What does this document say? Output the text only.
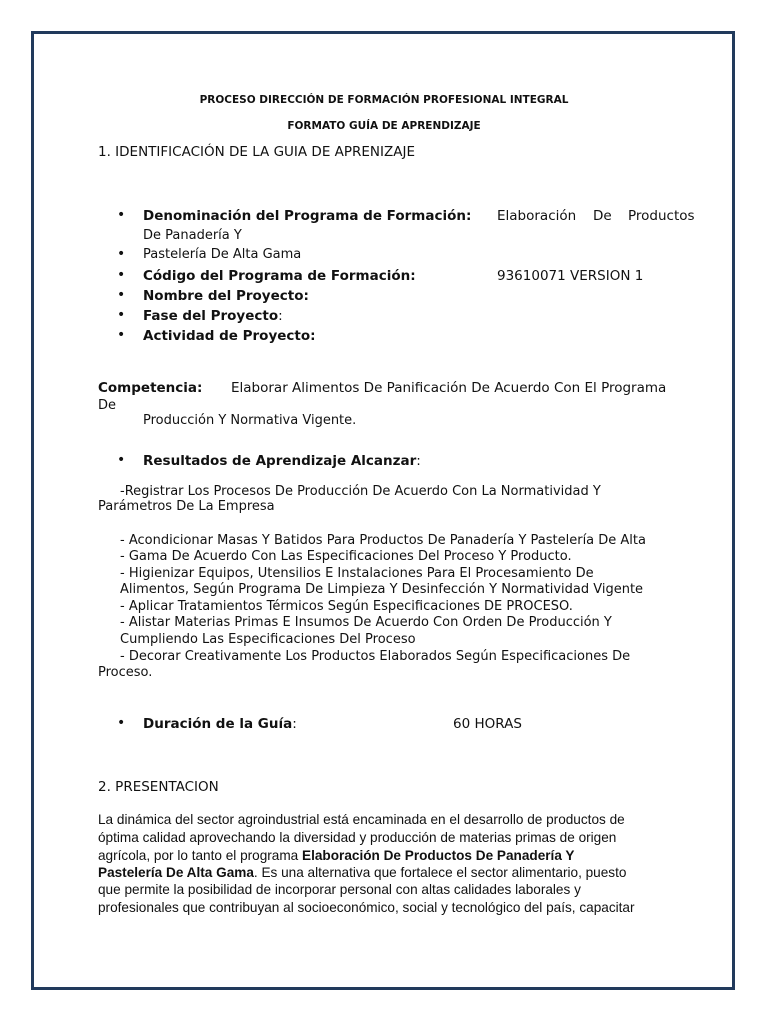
PROCESO DIRECCIÓN DE FORMACIÓN PROFESIONAL INTEGRAL
FORMATO GUÍA DE APRENDIZAJE
1. IDENTIFICACIÓN DE LA GUIA DE APRENIZAJE
• Denominación del Programa de Formación: Elaboración De Productos
De Panadería Y
• Pastelería De Alta Gama
• Código del Programa de Formación:	93610071 VERSION 1
• Nombre del Proyecto:
• Fase del Proyecto:
• Actividad de Proyecto:
Competencia: Elaborar Alimentos De Panificación De Acuerdo Con El Programa
De
Producción Y Normativa Vigente.
• Resultados de Aprendizaje Alcanzar:
-Registrar Los Procesos De Producción De Acuerdo Con La Normatividad Y
Parámetros De La Empresa
- Acondicionar Masas Y Batidos Para Productos De Panadería Y Pastelería De Alta
- Gama De Acuerdo Con Las Especificaciones Del Proceso Y Producto.
- Higienizar Equipos, Utensilios E Instalaciones Para El Procesamiento De
Alimentos, Según Programa De Limpieza Y Desinfección Y Normatividad Vigente
- Aplicar Tratamientos Térmicos Según Especificaciones DE PROCESO.
- Alistar Materias Primas E Insumos De Acuerdo Con Orden De Producción Y
Cumpliendo Las Especificaciones Del Proceso
- Decorar Creativamente Los Productos Elaborados Según Especificaciones De
Proceso.
• Duración de la Guía:	60 HORAS
2. PRESENTACION
La dinámica del sector agroindustrial está encaminada en el desarrollo de productos de
óptima calidad aprovechando la diversidad y producción de materias primas de origen
agrícola, por lo tanto el programa Elaboración De Productos De Panadería Y
Pastelería De Alta Gama. Es una alternativa que fortalece el sector alimentario, puesto
que permite la posibilidad de incorporar personal con altas calidades laborales y
profesionales que contribuyan al socioeconómico, social y tecnológico del país, capacitar
